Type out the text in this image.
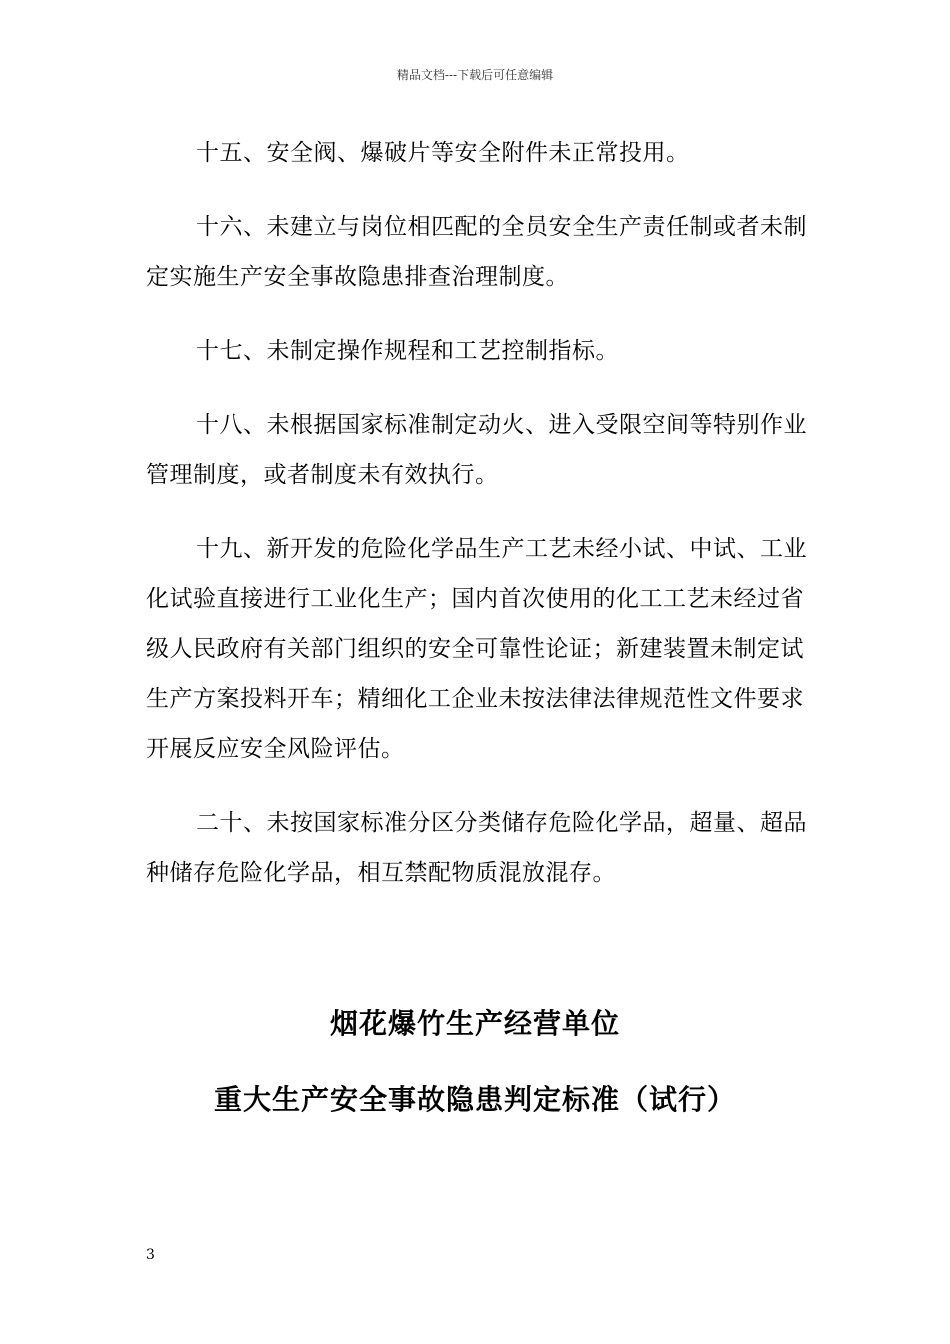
精品文档---下载后可任意编辑

十五、安全阀、爆破片等安全附件未正常投用。

十六、未建立与岗位相匹配的全员安全生产责任制或者未制定实施生产安全事故隐患排查治理制度。

十七、未制定操作规程和工艺控制指标。

十八、未根据国家标准制定动火、进入受限空间等特别作业管理制度，或者制度未有效执行。

十九、新开发的危险化学品生产工艺未经小试、中试、工业化试验直接进行工业化生产；国内首次使用的化工工艺未经过省级人民政府有关部门组织的安全可靠性论证；新建装置未制定试生产方案投料开车；精细化工企业未按法律法律规范性文件要求开展反应安全风险评估。

二十、未按国家标准分区分类储存危险化学品，超量、超品种储存危险化学品，相互禁配物质混放混存。

烟花爆竹生产经营单位
重大生产安全事故隐患判定标准（试行）
3
